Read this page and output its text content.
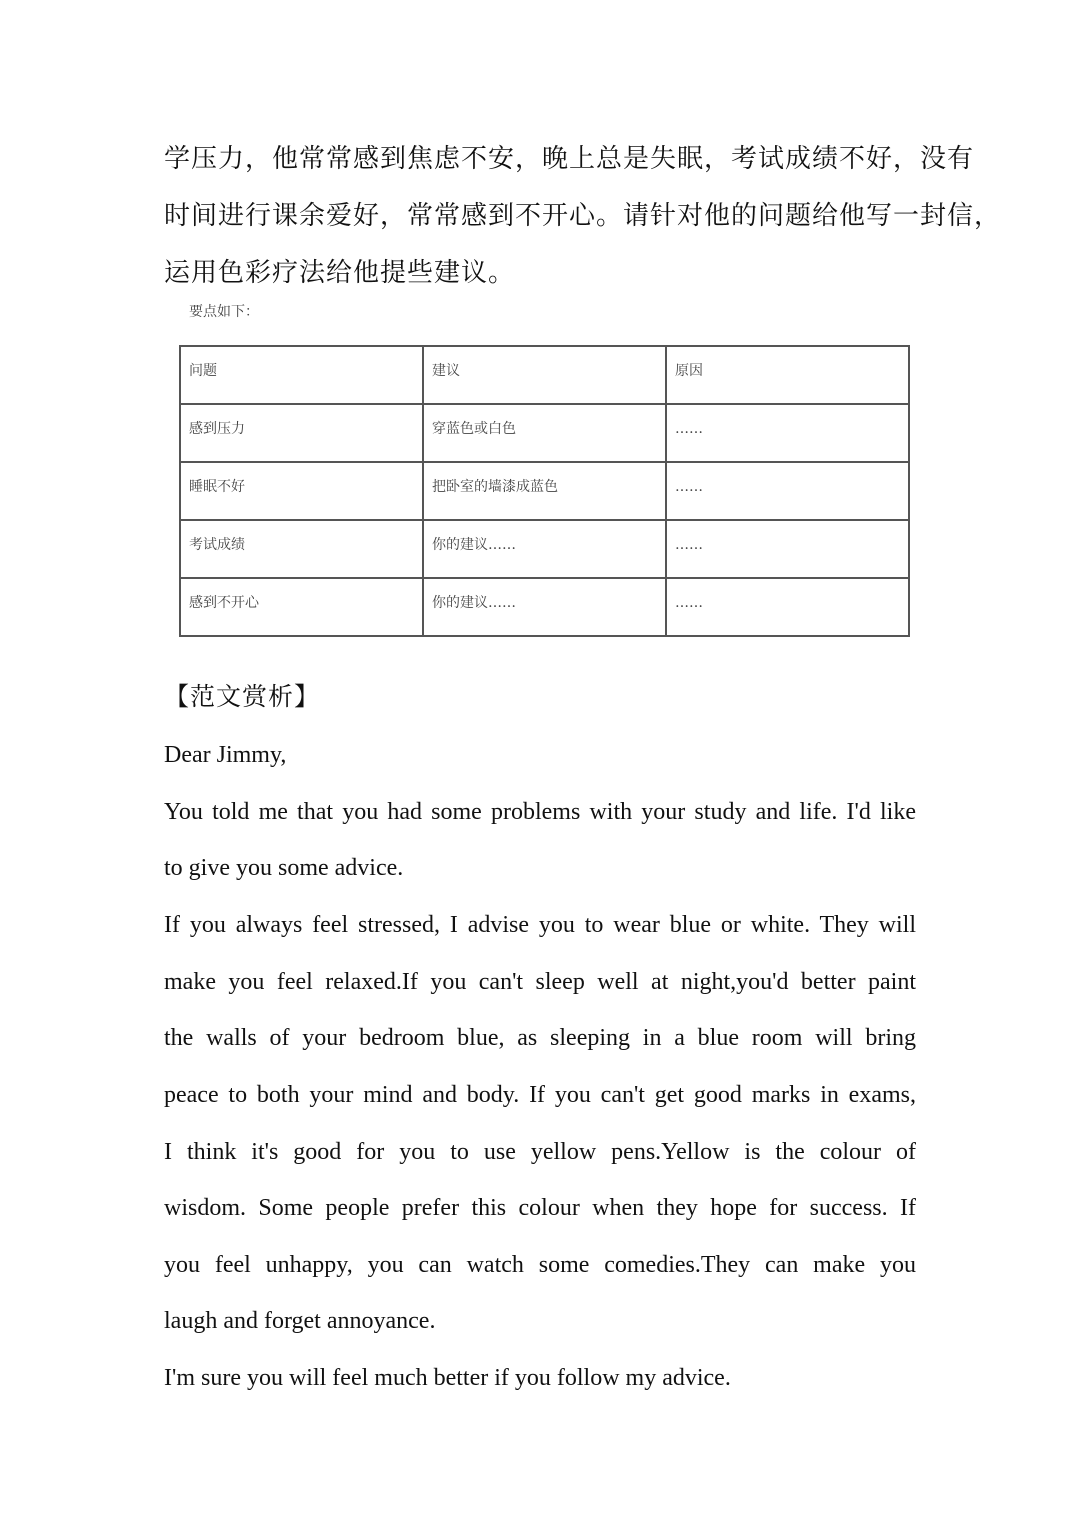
学压力，他常常感到焦虑不安，晚上总是失眠，考试成绩不好，没有
时间进行课余爱好，常常感到不开心。请针对他的问题给他写一封信，
运用色彩疗法给他提些建议。
要点如下：
问题	建议	原因
感到压力	穿蓝色或白色	……
睡眠不好	把卧室的墙漆成蓝色	……
考试成绩	你的建议……	……
感到不开心	你的建议……	……
【范文赏析】
Dear Jimmy,
You told me that you had some problems with your study and life. I'd like
to give you some advice.
If you always feel stressed, I advise you to wear blue or white. They will
make you feel relaxed.If you can't sleep well at night,you'd better paint
the walls of your bedroom blue, as sleeping in a blue room will bring
peace to both your mind and body. If you can't get good marks in exams,
I think it's good for you to use yellow pens.Yellow is the colour of
wisdom. Some people prefer this colour when they hope for success. If
you feel unhappy, you can watch some comedies.They can make you
laugh and forget annoyance.
I'm sure you will feel much better if you follow my advice.
